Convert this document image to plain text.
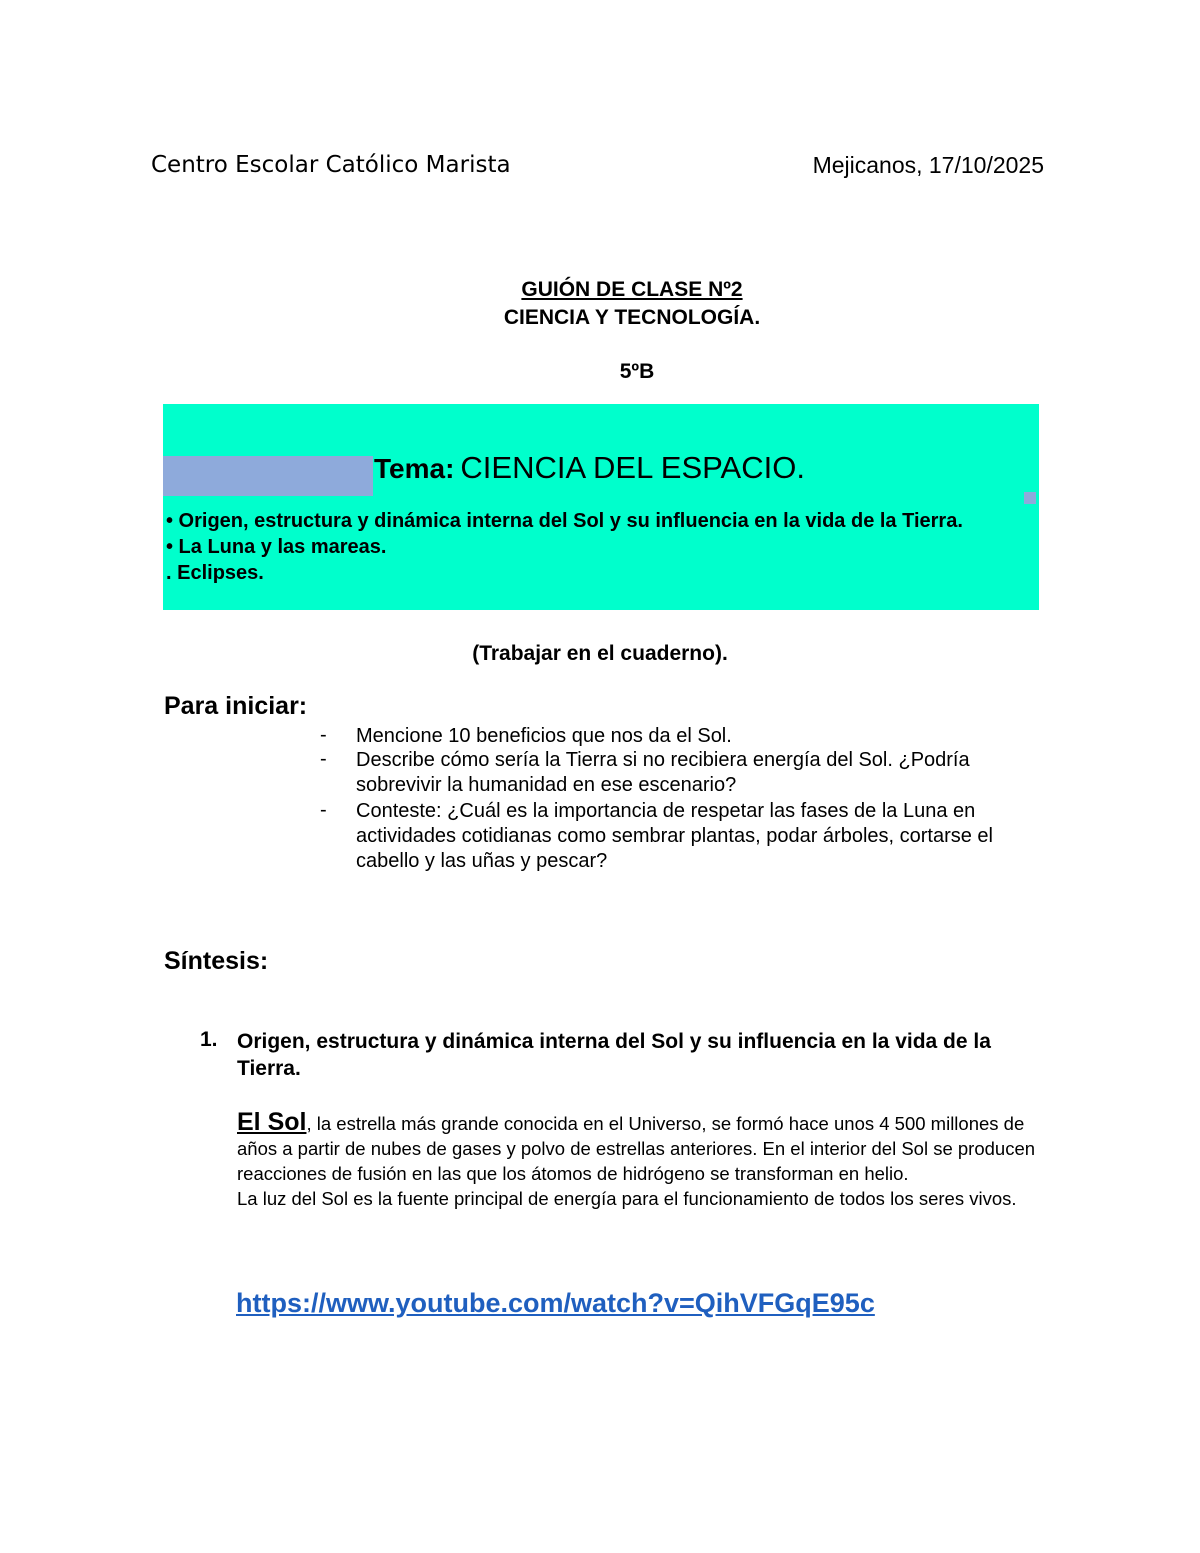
Centro Escolar Católico Marista	Mejicanos, 17/10/2025
GUIÓN DE CLASE Nº2
CIENCIA Y TECNOLOGÍA.
5ºB
Tema: CIENCIA DEL ESPACIO.
• Origen, estructura y dinámica interna del Sol y su influencia en la vida de la Tierra.
• La Luna y las mareas.
. Eclipses.
(Trabajar en el cuaderno).
Para iniciar:
- Mencione 10 beneficios que nos da el Sol.
- Describe cómo sería la Tierra si no recibiera energía del Sol. ¿Podría sobrevivir la humanidad en ese escenario?
- Conteste: ¿Cuál es la importancia de respetar las fases de la Luna en actividades cotidianas como sembrar plantas, podar árboles, cortarse el cabello y las uñas y pescar?
Síntesis:
1. Origen, estructura y dinámica interna del Sol y su influencia en la vida de la Tierra.
El Sol, la estrella más grande conocida en el Universo, se formó hace unos 4 500 millones de años a partir de nubes de gases y polvo de estrellas anteriores. En el interior del Sol se producen reacciones de fusión en las que los átomos de hidrógeno se transforman en helio.
La luz del Sol es la fuente principal de energía para el funcionamiento de todos los seres vivos.
https://www.youtube.com/watch?v=QihVFGqE95c
